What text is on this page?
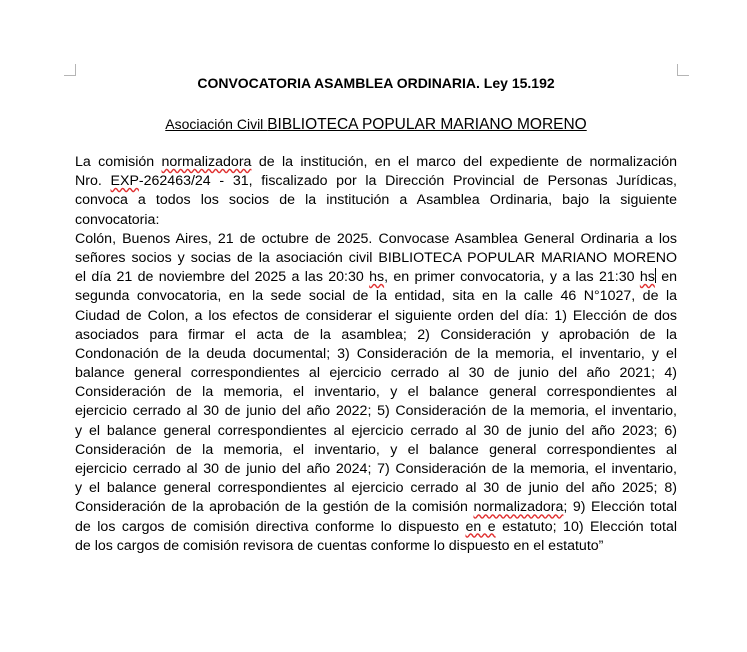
CONVOCATORIA ASAMBLEA ORDINARIA. Ley 15.192
Asociación Civil BIBLIOTECA POPULAR MARIANO MORENO
La comisión normalizadora de la institución, en el marco del expediente de normalización
Nro. EXP-262463/24 - 31, fiscalizado por la Dirección Provincial de Personas Jurídicas,
convoca a todos los socios de la institución a Asamblea Ordinaria, bajo la siguiente
convocatoria:
Colón, Buenos Aires, 21 de octubre de 2025. Convocase Asamblea General Ordinaria a los
señores socios y socias de la asociación civil BIBLIOTECA POPULAR MARIANO MORENO
el día 21 de noviembre del 2025 a las 20:30 hs, en primer convocatoria, y a las 21:30 hs en
segunda convocatoria, en la sede social de la entidad, sita en la calle 46 N°1027, de la
Ciudad de Colon, a los efectos de considerar el siguiente orden del día: 1) Elección de dos
asociados para firmar el acta de la asamblea; 2) Consideración y aprobación de la
Condonación de la deuda documental; 3) Consideración de la memoria, el inventario, y el
balance general correspondientes al ejercicio cerrado al 30 de junio del año 2021; 4)
Consideración de la memoria, el inventario, y el balance general correspondientes al
ejercicio cerrado al 30 de junio del año 2022; 5) Consideración de la memoria, el inventario,
y el balance general correspondientes al ejercicio cerrado al 30 de junio del año 2023; 6)
Consideración de la memoria, el inventario, y el balance general correspondientes al
ejercicio cerrado al 30 de junio del año 2024; 7) Consideración de la memoria, el inventario,
y el balance general correspondientes al ejercicio cerrado al 30 de junio del año 2025; 8)
Consideración de la aprobación de la gestión de la comisión normalizadora; 9) Elección total
de los cargos de comisión directiva conforme lo dispuesto en e estatuto; 10) Elección total
de los cargos de comisión revisora de cuentas conforme lo dispuesto en el estatuto”
